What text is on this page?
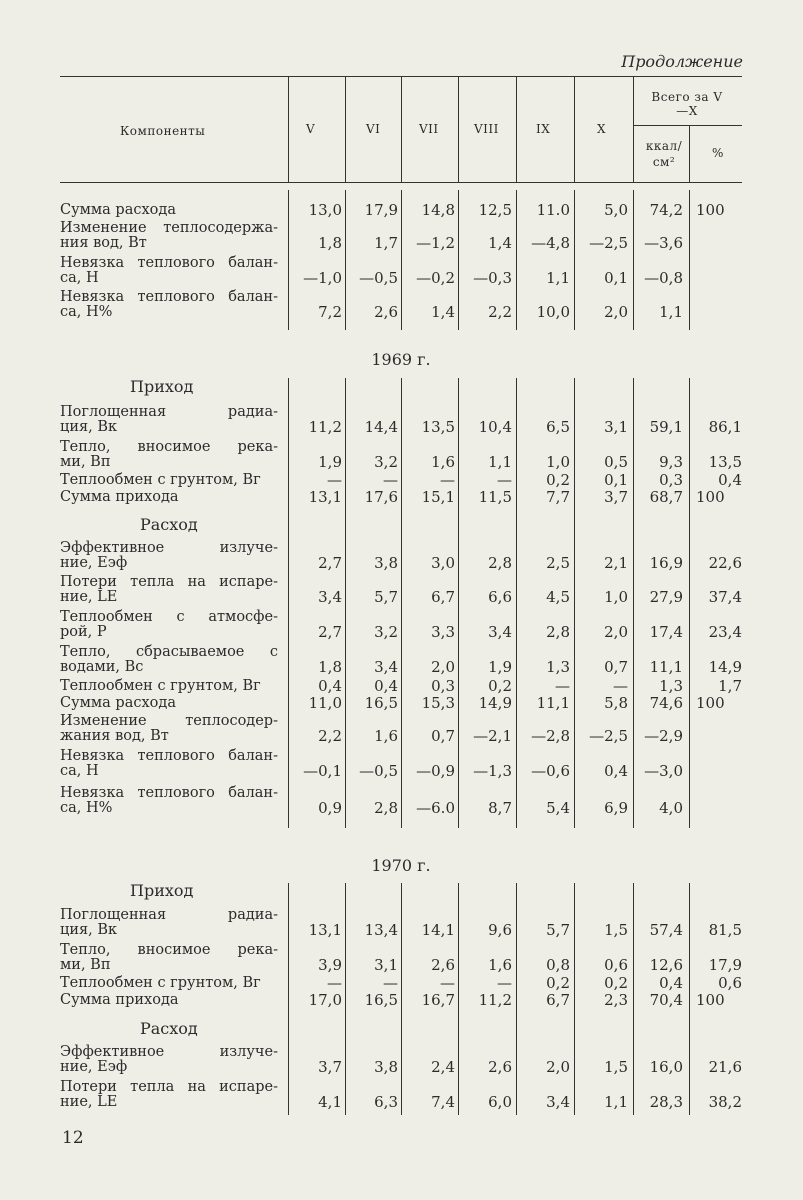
Продолжение
Компоненты	V	VI	VII	VIII	IX	X
Всего за V—X
ккал/см²
%
1969 г.
Приход
Расход
1970 г.
Приход
Расход
Сумма расхода	13,0	17,9	14,8	12,5	11.0	5,0	74,2 100
Изменение теплосодержа-
ния вод, Вт	1,8	1,7	—1,2	1,4	—4,8	—2,5	—3,6
Невязка теплового балан-
са, Н	—1,0	—0,5	—0,2	—0,3	1,1	0,1	—0,8
Невязка теплового балан-
са, Н%	7,2	2,6	1,4	2,2	10,0	2,0	1,1
Поглощенная радиа-
ция, Вк	11,2	14,4	13,5	10,4	6,5	3,1	59,1	86,1
Тепло, вносимое река-
ми, Вп	1,9	3,2	1,6	1,1	1,0	0,5	9,3	13,5
Теплообмен с грунтом, Вг	—	—	—	—	0,2	0,1	0,3	0,4
Сумма прихода	13,1	17,6	15,1	11,5	7,7	3,7	68,7 100
Эффективное излуче-
ние, Еэф	2,7	3,8	3,0	2,8	2,5	2,1	16,9	22,6
Потери тепла на испаре-
ние, LE	3,4	5,7	6,7	6,6	4,5	1,0	27,9	37,4
Теплообмен с атмосфе-
рой, Р	2,7	3,2	3,3	3,4	2,8	2,0	17,4	23,4
Тепло, сбрасываемое с
водами, Вс	1,8	3,4	2,0	1,9	1,3	0,7	11,1	14,9
Теплообмен с грунтом, Вг	0,4	0,4	0,3	0,2	—	—	1,3	1,7
Сумма расхода	11,0	16,5	15,3	14,9	11,1	5,8	74,6 100
Изменение теплосодер-
жания вод, Вт	2,2	1,6	0,7	—2,1	—2,8	—2,5	—2,9
Невязка теплового балан-
са, Н	—0,1	—0,5	—0,9	—1,3	—0,6	0,4	—3,0
Невязка теплового балан-
са, Н%	0,9	2,8	—6.0	8,7	5,4	6,9	4,0
Поглощенная радиа-
ция, Вк	13,1	13,4	14,1	9,6	5,7	1,5	57,4	81,5
Тепло, вносимое река-
ми, Вп	3,9	3,1	2,6	1,6	0,8	0,6	12,6	17,9
Теплообмен с грунтом, Вг	—	—	—	—	0,2	0,2	0,4	0,6
Сумма прихода	17,0	16,5	16,7	11,2	6,7	2,3	70,4 100
Эффективное излуче-
ние, Еэф	3,7	3,8	2,4	2,6	2,0	1,5	16,0	21,6
Потери тепла на испаре-
ние, LE	4,1	6,3	7,4	6,0	3,4	1,1	28,3	38,2
12
